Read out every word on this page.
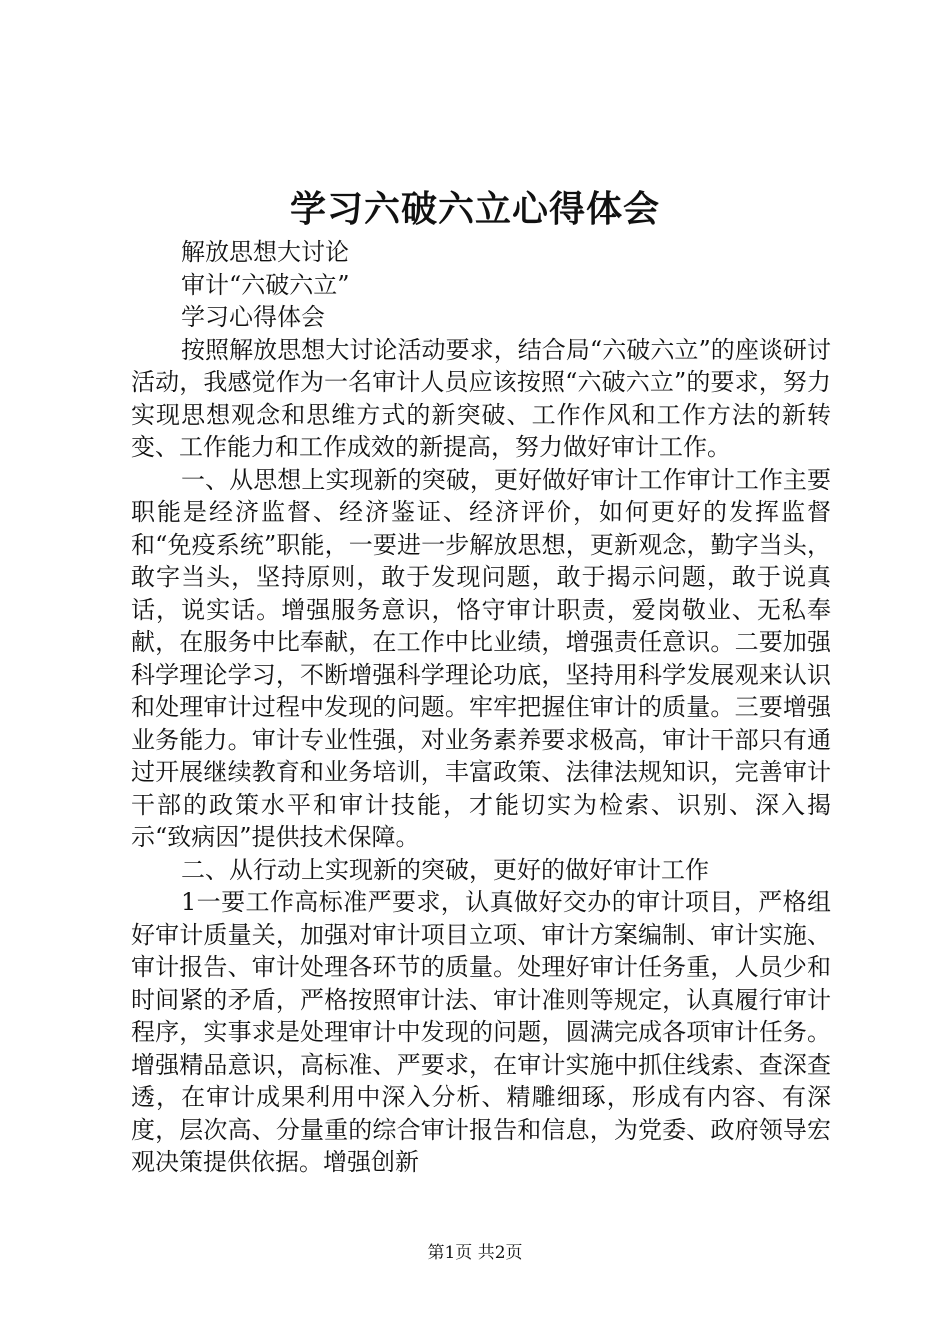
学习六破六立心得体会

解放思想大讨论

审计“六破六立”

学习心得体会

按照解放思想大讨论活动要求，结合局“六破六立”的座谈研讨活动，我感觉作为一名审计人员应该按照“六破六立”的要求，努力实现思想观念和思维方式的新突破、工作作风和工作方法的新转变、工作能力和工作成效的新提高，努力做好审计工作。

一、从思想上实现新的突破，更好做好审计工作审计工作主要职能是经济监督、经济鉴证、经济评价，如何更好的发挥监督和“免疫系统”职能，一要进一步解放思想，更新观念，勤字当头，敢字当头，坚持原则，敢于发现问题，敢于揭示问题，敢于说真话，说实话。增强服务意识，恪守审计职责，爱岗敬业、无私奉献，在服务中比奉献，在工作中比业绩，增强责任意识。二要加强科学理论学习，不断增强科学理论功底，坚持用科学发展观来认识和处理审计过程中发现的问题。牢牢把握住审计的质量。三要增强业务能力。审计专业性强，对业务素养要求极高，审计干部只有通过开展继续教育和业务培训，丰富政策、法律法规知识，完善审计干部的政策水平和审计技能，才能切实为检索、识别、深入揭示“致病因”提供技术保障。

二、从行动上实现新的突破，更好的做好审计工作

1一要工作高标准严要求，认真做好交办的审计项目，严格组好审计质量关，加强对审计项目立项、审计方案编制、审计实施、审计报告、审计处理各环节的质量。处理好审计任务重，人员少和时间紧的矛盾，严格按照审计法、审计准则等规定，认真履行审计程序，实事求是处理审计中发现的问题，圆满完成各项审计任务。增强精品意识，高标准、严要求，在审计实施中抓住线索、查深查透，在审计成果利用中深入分析、精雕细琢，形成有内容、有深度，层次高、分量重的综合审计报告和信息，为党委、政府领导宏观决策提供依据。增强创新

第1页 共2页
